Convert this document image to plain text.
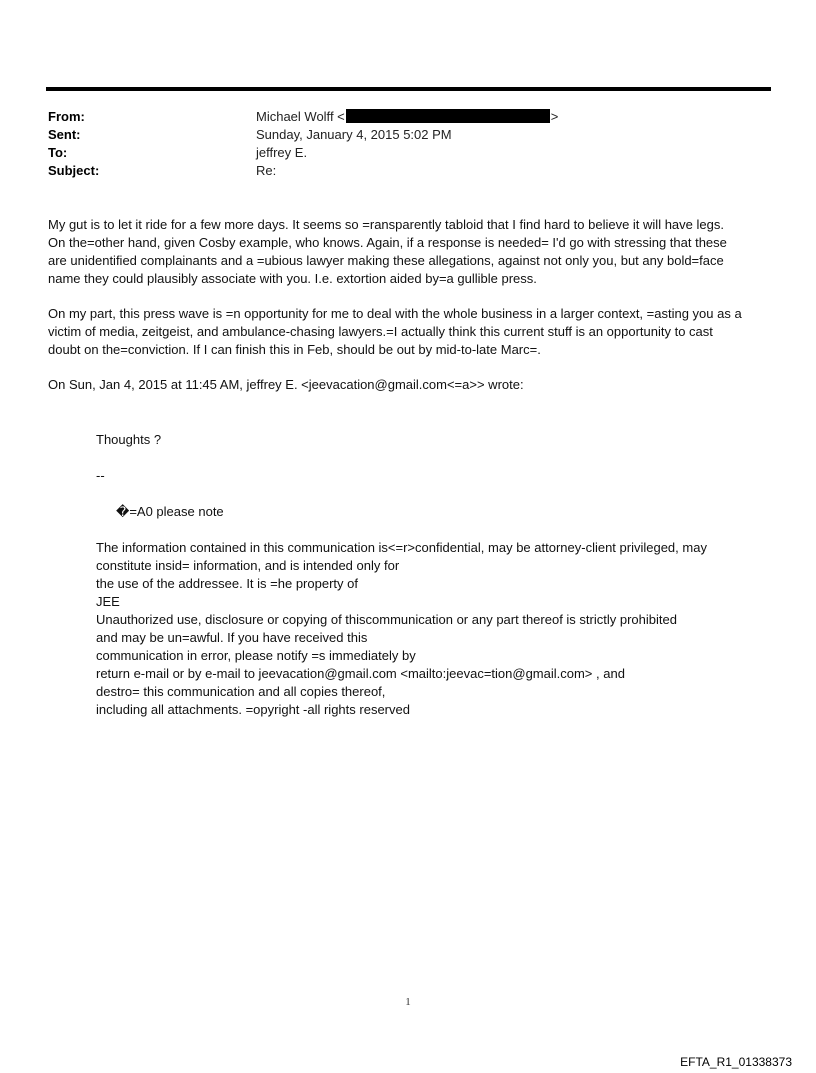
From:	Michael Wolff <	>
Sent:	Sunday, January 4, 2015 5:02 PM
To:	jeffrey E.
Subject:	Re:
My gut is to let it ride for a few more days. It seems so =ransparently tabloid that I find hard to believe it will have legs.
On the=other hand, given Cosby example, who knows. Again, if a response is needed= I'd go with stressing that these
are unidentified complainants and a =ubious lawyer making these allegations, against not only you, but any bold=face
name they could plausibly associate with you. I.e. extortion aided by=a gullible press.
On my part, this press wave is =n opportunity for me to deal with the whole business in a larger context, =asting you as a
victim of media, zeitgeist, and ambulance-chasing lawyers.=I actually think this current stuff is an opportunity to cast
doubt on the=conviction. If I can finish this in Feb, should be out by mid-to-late Marc=.
On Sun, Jan 4, 2015 at 11:45 AM, jeffrey E. <jeevacation@gmail.com<=a>> wrote:
Thoughts ?
--
�=A0 please note
The information contained in this communication is<=r>confidential, may be attorney-client privileged, may
constitute insid= information, and is intended only for
the use of the addressee. It is =he property of
JEE
Unauthorized use, disclosure or copying of thiscommunication or any part thereof is strictly prohibited
and may be un=awful. If you have received this
communication in error, please notify =s immediately by
return e-mail or by e-mail to jeevacation@gmail.com <mailto:jeevac=tion@gmail.com> , and
destro= this communication and all copies thereof,
including all attachments. =opyright -all rights reserved
1
EFTA_R1_01338373
